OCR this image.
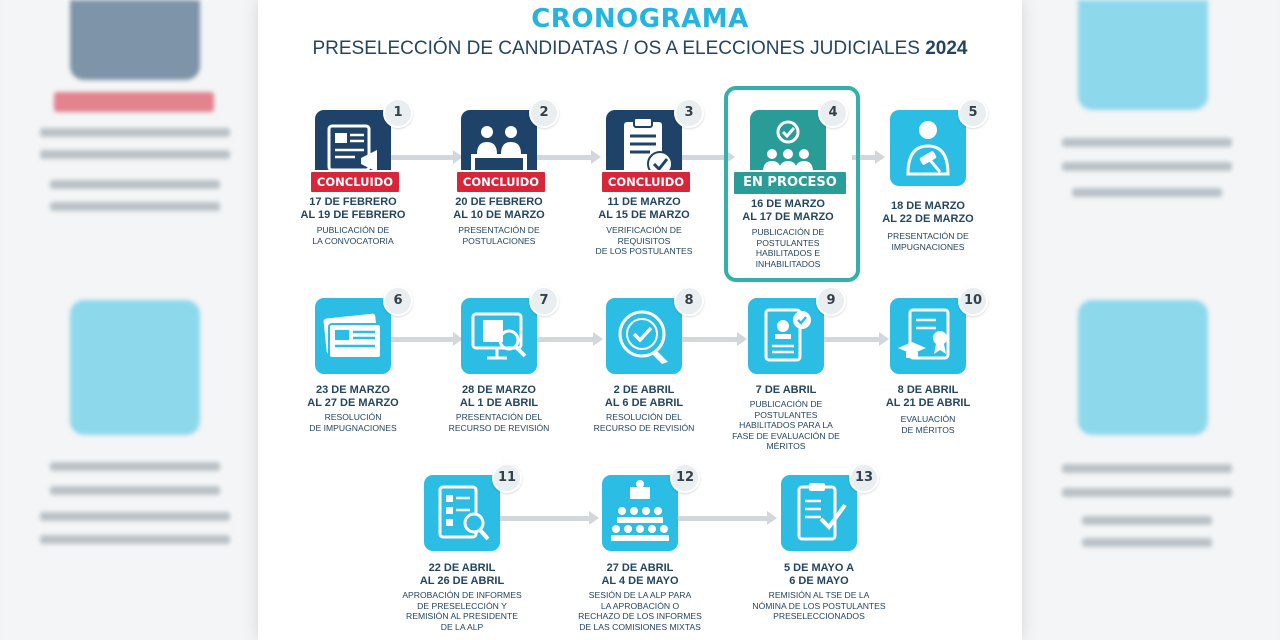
CRONOGRAMA
PRESELECCIÓN DE CANDIDATAS / OS A ELECCIONES JUDICIALES 2024
1
CONCLUIDO
17 DE FEBRERO
AL 19 DE FEBRERO
PUBLICACIÓN DE
LA CONVOCATORIA
2
CONCLUIDO
20 DE FEBRERO
AL 10 DE MARZO
PRESENTACIÓN DE
POSTULACIONES
3
CONCLUIDO
11 DE MARZO
AL 15 DE MARZO
VERIFICACIÓN DE
REQUISITOS
DE LOS POSTULANTES
4
EN PROCESO
16 DE MARZO
AL 17 DE MARZO
PUBLICACIÓN DE
POSTULANTES
HABILITADOS E
INHABILITADOS
5
18 DE MARZO
AL 22 DE MARZO
PRESENTACIÓN DE
IMPUGNACIONES
6
23 DE MARZO
AL 27 DE MARZO
RESOLUCIÓN
DE IMPUGNACIONES
7
28 DE MARZO
AL 1 DE ABRIL
PRESENTACIÓN DEL
RECURSO DE REVISIÓN
8
2 DE ABRIL
AL 6 DE ABRIL
RESOLUCIÓN DEL
RECURSO DE REVISIÓN
9
7 DE ABRIL
PUBLICACIÓN DE
POSTULANTES
HABILITADOS PARA LA
FASE DE EVALUACIÓN DE
MÉRITOS
10
8 DE ABRIL
AL 21 DE ABRIL
EVALUACIÓN
DE MÉRITOS
11
22 DE ABRIL
AL 26 DE ABRIL
APROBACIÓN DE INFORMES
DE PRESELECCIÓN Y
REMISIÓN AL PRESIDENTE
DE LA ALP
12
27 DE ABRIL
AL 4 DE MAYO
SESIÓN DE LA ALP PARA
LA APROBACIÓN O
RECHAZO DE LOS INFORMES
DE LAS COMISIONES MIXTAS
13
5 DE MAYO A
6 DE MAYO
REMISIÓN AL TSE DE LA
NÓMINA DE LOS POSTULANTES
PRESELECCIONADOS
